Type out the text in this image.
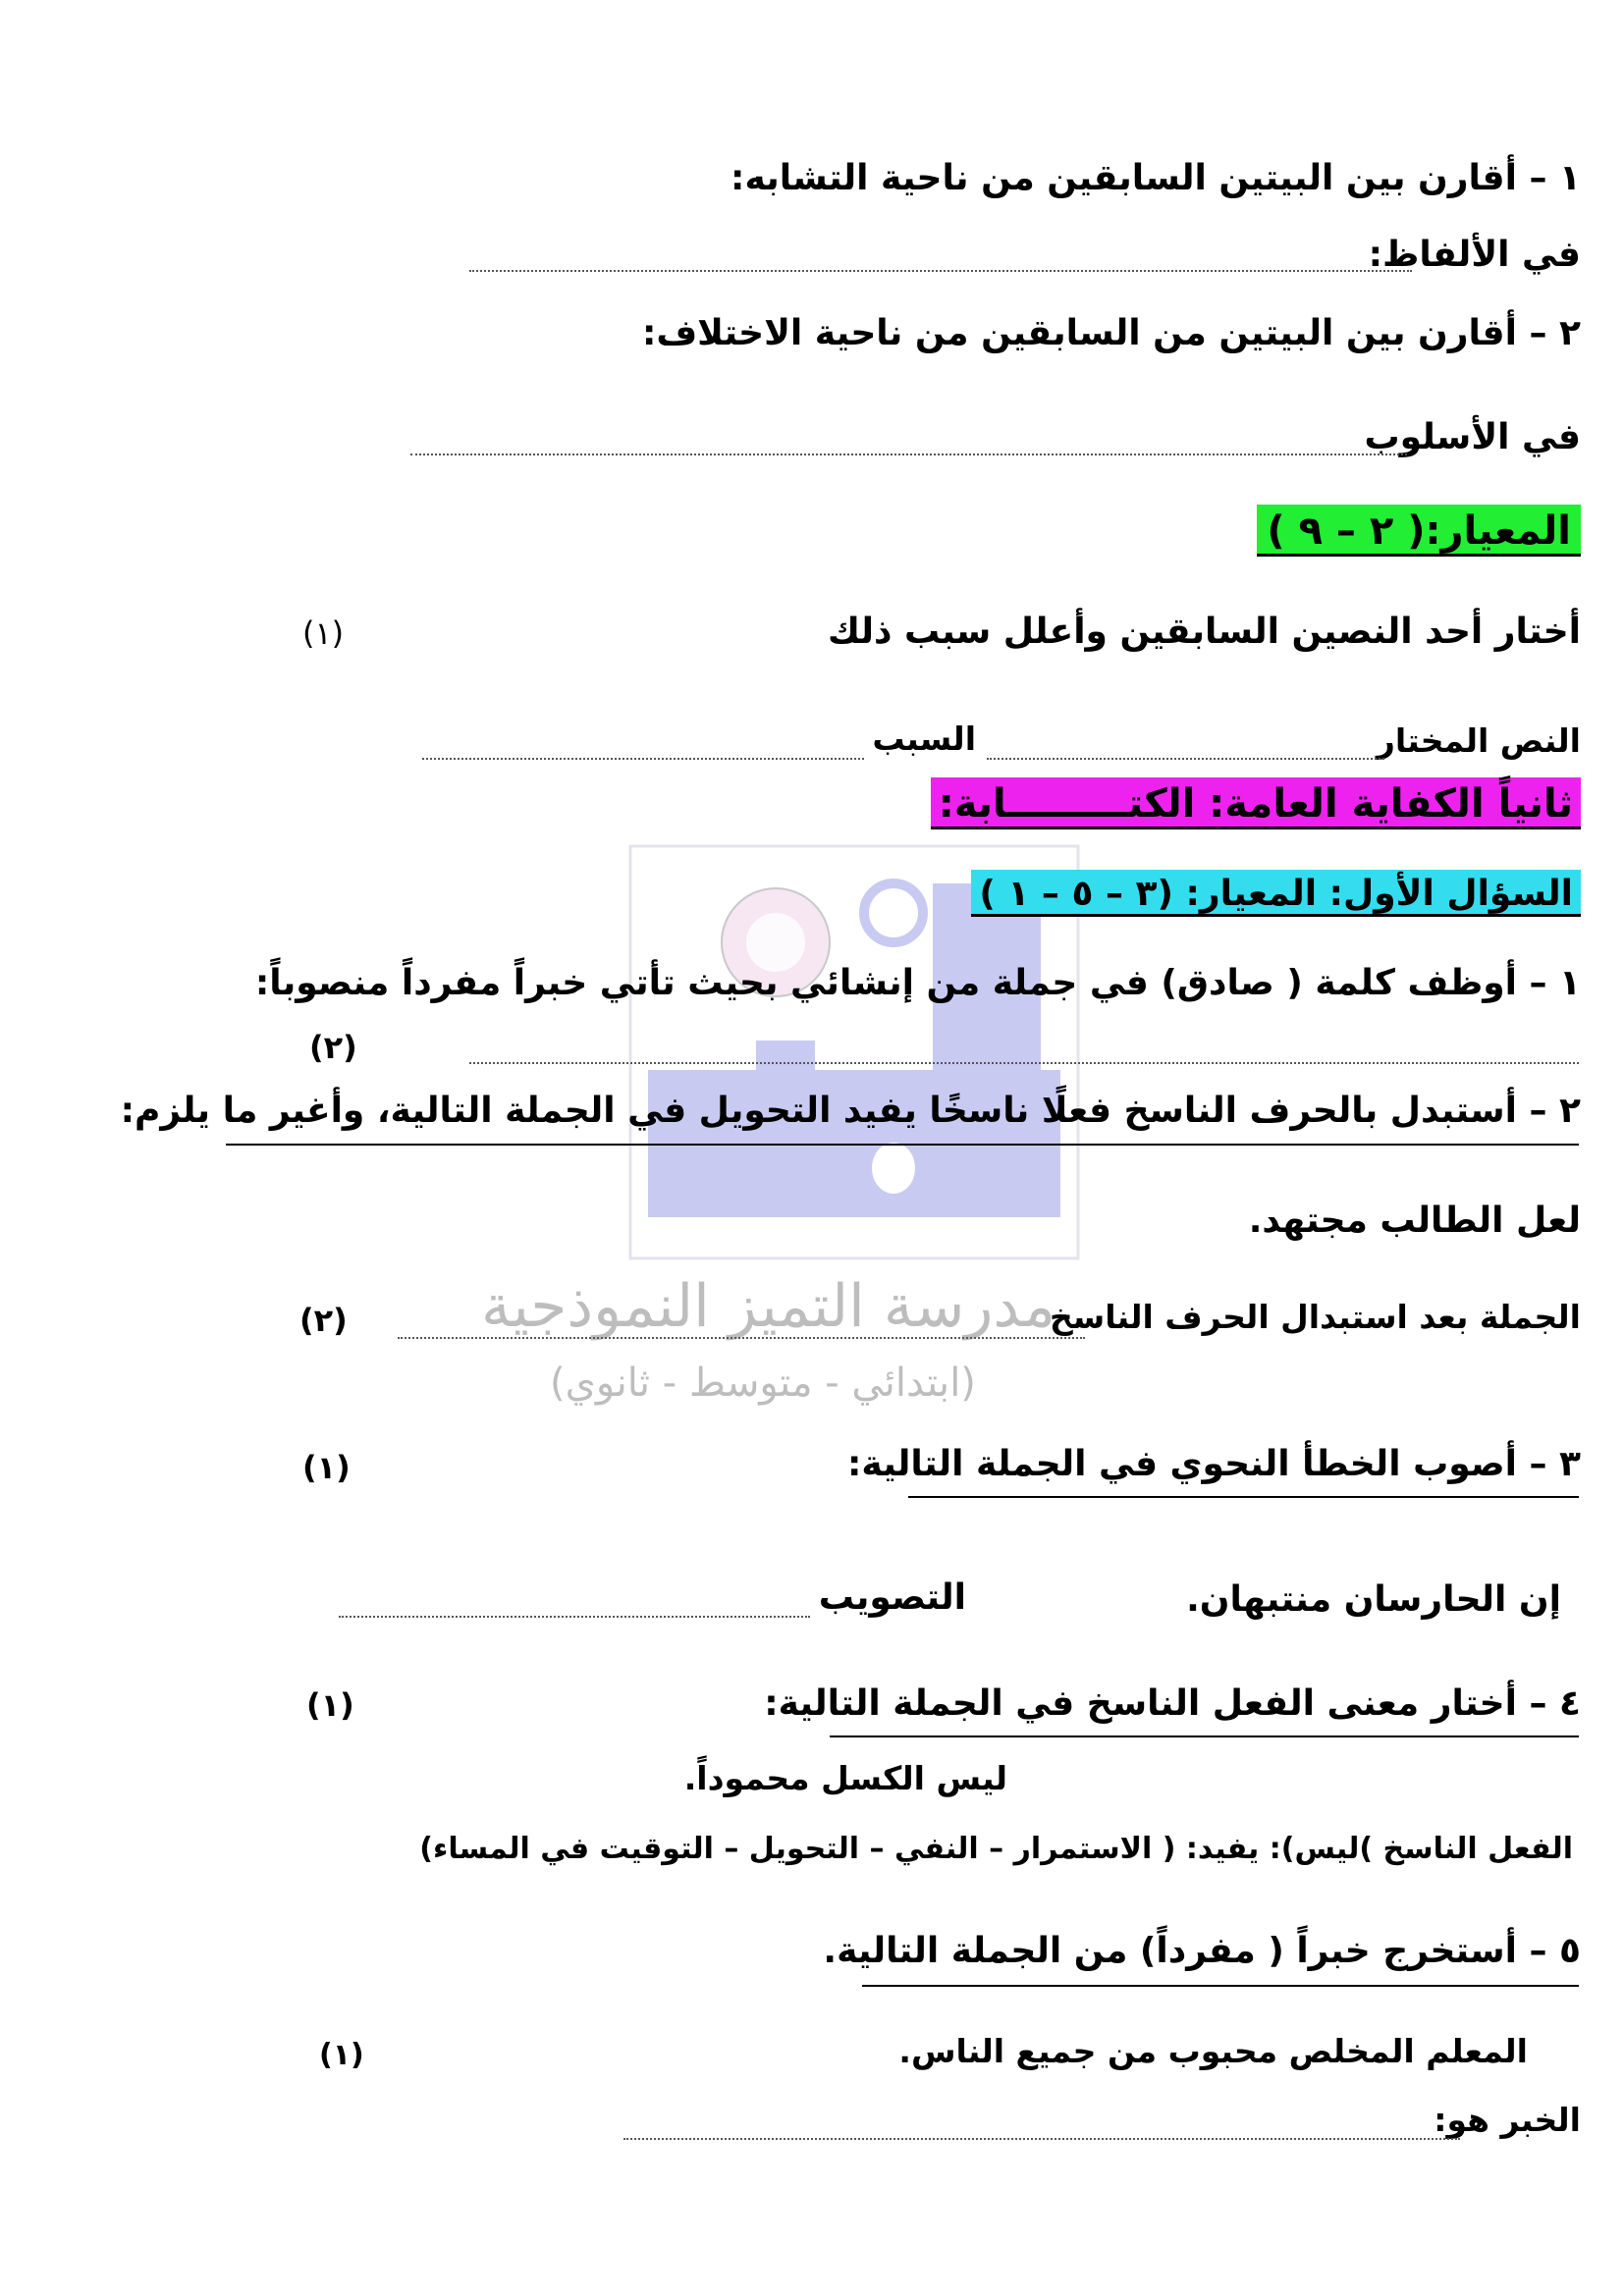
مدرسة التميز النموذجية
(ابتدائي - متوسط - ثانوي)
١ – أقارن بين البيتين السابقين من ناحية التشابه:
في الألفاظ:
٢ – أقارن بين البيتين من السابقين من ناحية الاختلاف:
في الأسلوب
المعيار:( ٢ – ٩ )
أختار أحد النصين السابقين وأعلل سبب ذلك
(١)
النص المختار
السبب
ثانياً الكفاية العامة: الكتـــــــــابة:
السؤال الأول: المعيار: (٣ – ٥ – ١ )
١ – أوظف كلمة ( صادق) في جملة من إنشائي بحيث تأتي خبراً مفرداً منصوباً:
(٢)
٢ – أستبدل بالحرف الناسخ فعلًا ناسخًا يفيد التحويل في الجملة التالية، وأغير ما يلزم:
لعل الطالب مجتهد.
الجملة بعد استبدال الحرف الناسخ
(٢)
٣ – أصوب الخطأ النحوي في الجملة التالية:
(١)
إن الحارسان منتبهان.
التصويب
٤ – أختار معنى الفعل الناسخ في الجملة التالية:
(١)
ليس الكسل محموداً.
الفعل الناسخ )ليس): يفيد: ( الاستمرار – النفي – التحويل – التوقيت في المساء)
٥ – أستخرج خبراً ( مفرداً) من الجملة التالية.
المعلم المخلص محبوب من جميع الناس.
(١)
الخبر هو:
